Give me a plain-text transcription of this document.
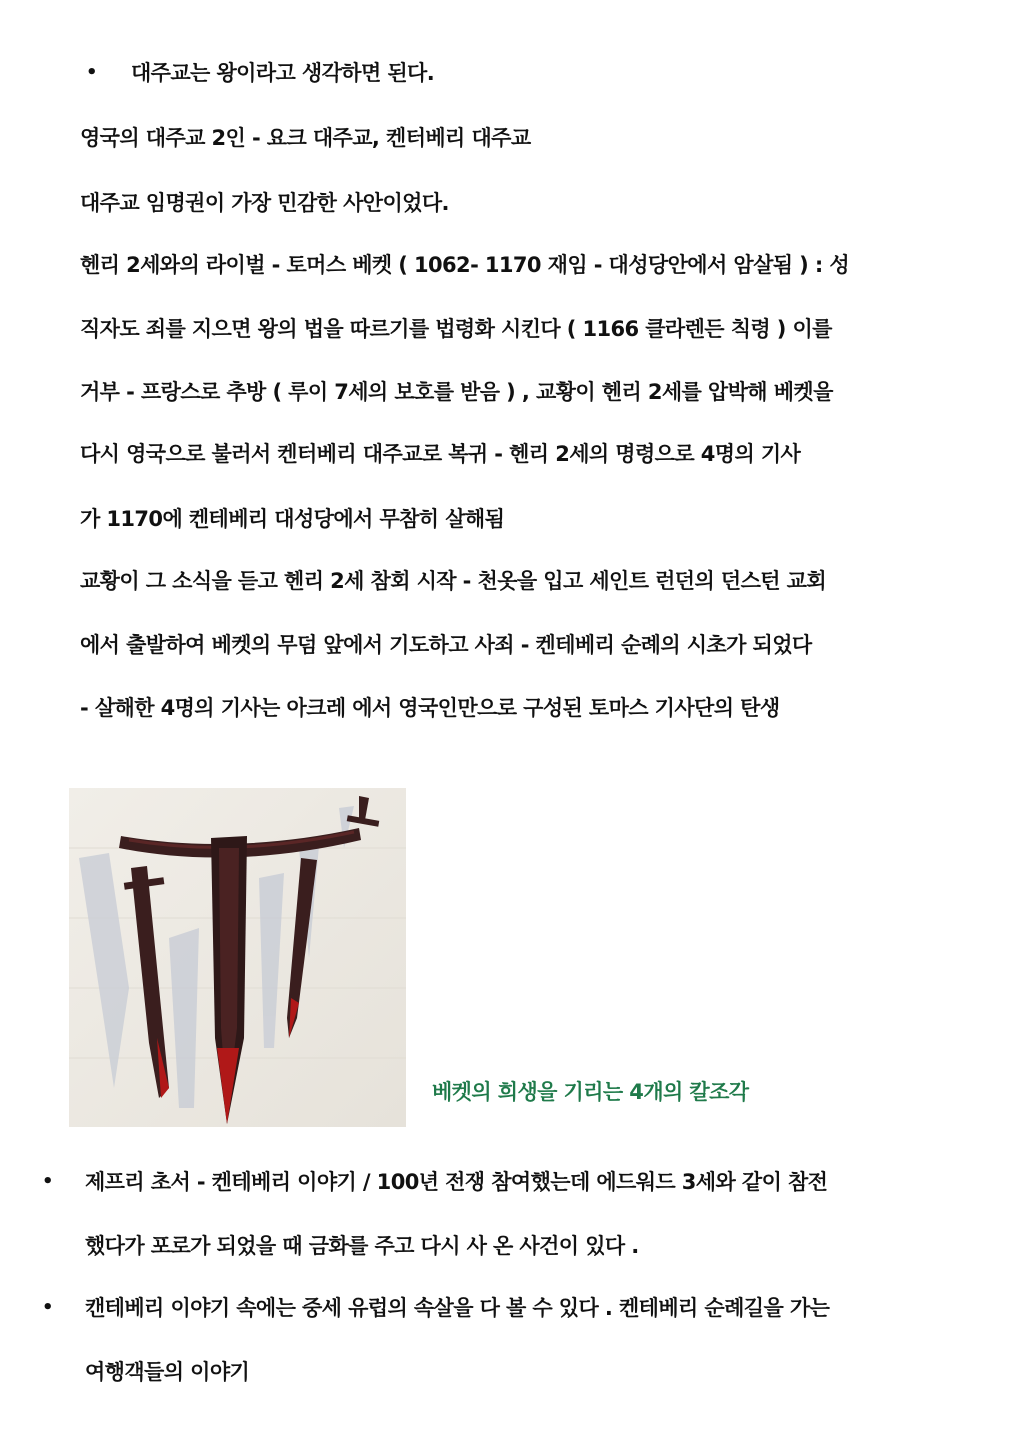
• 대주교는 왕이라고 생각하면 된다.
영국의 대주교 2인 - 요크 대주교, 켄터베리 대주교
대주교 임명권이 가장 민감한 사안이었다.
헨리 2세와의 라이벌 - 토머스 베켓 ( 1062- 1170 재임 - 대성당안에서 암살됨 ) : 성
직자도 죄를 지으면 왕의 법을 따르기를 법령화 시킨다 ( 1166 클라렌든 칙령 ) 이를
거부 - 프랑스로 추방 ( 루이 7세의 보호를 받음 ) , 교황이 헨리 2세를 압박해 베켓을
다시 영국으로 불러서 켄터베리 대주교로 복귀 - 헨리 2세의 명령으로 4명의 기사
가 1170에 켄테베리 대성당에서 무참히 살해됨
교황이 그 소식을 듣고 헨리 2세 참회 시작 - 천옷을 입고 세인트 런던의 던스턴 교회
에서 출발하여 베켓의 무덤 앞에서 기도하고 사죄 - 켄테베리 순례의 시초가 되었다
- 살해한 4명의 기사는 아크레 에서 영국인만으로 구성된 토마스 기사단의 탄생
베켓의 희생을 기리는 4개의 칼조각
• 제프리 초서 - 켄테베리 이야기 / 100년 전쟁 참여했는데 에드워드 3세와 같이 참전
했다가 포로가 되었을 때 금화를 주고 다시 사 온 사건이 있다 .
• 캔테베리 이야기 속에는 중세 유럽의 속살을 다 볼 수 있다 . 켄테베리 순례길을 가는
여행객들의 이야기
